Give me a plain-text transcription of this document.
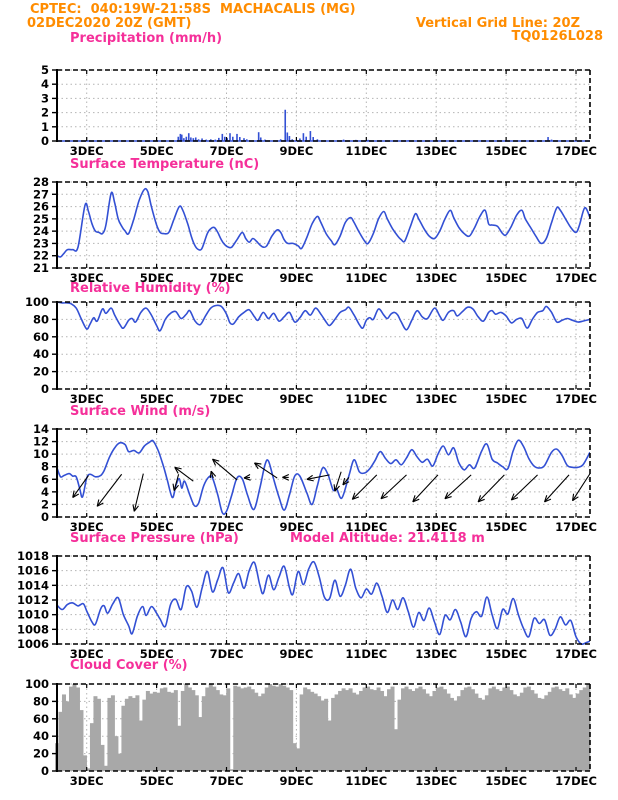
CPTEC: 040:19W-21:58S MACHACALIS (MG)
02DEC2020 20Z (GMT)	Vertical Grid Line: 20Z
TQ0126L028
Precipitation (mm/h)
Surface Temperature (nC)
Relative Humidity (%)
Surface Wind (m/s)
Surface Pressure (hPa)	Model Altitude: 21.4118 m
Cloud Cover (%)
0
1
2
3
4
5
3DEC	5DEC	7DEC	9DEC	11DEC 13DEC 15DEC 17DEC
21
22
23
24
25
26
27
28
3DEC	5DEC	7DEC	9DEC	11DEC 13DEC 15DEC 17DEC
0
20
40
60
80
100
3DEC	5DEC	7DEC	9DEC	11DEC 13DEC 15DEC 17DEC
0
2
4
6
8
10
12
14
3DEC	5DEC	7DEC	9DEC	11DEC 13DEC 15DEC 17DEC
1006
1008
1010
1012
1014
1016
1018
3DEC	5DEC	7DEC	9DEC	11DEC 13DEC 15DEC 17DEC
0
20
40
60
80
100
3DEC	5DEC	7DEC	9DEC	11DEC 13DEC 15DEC 17DEC
